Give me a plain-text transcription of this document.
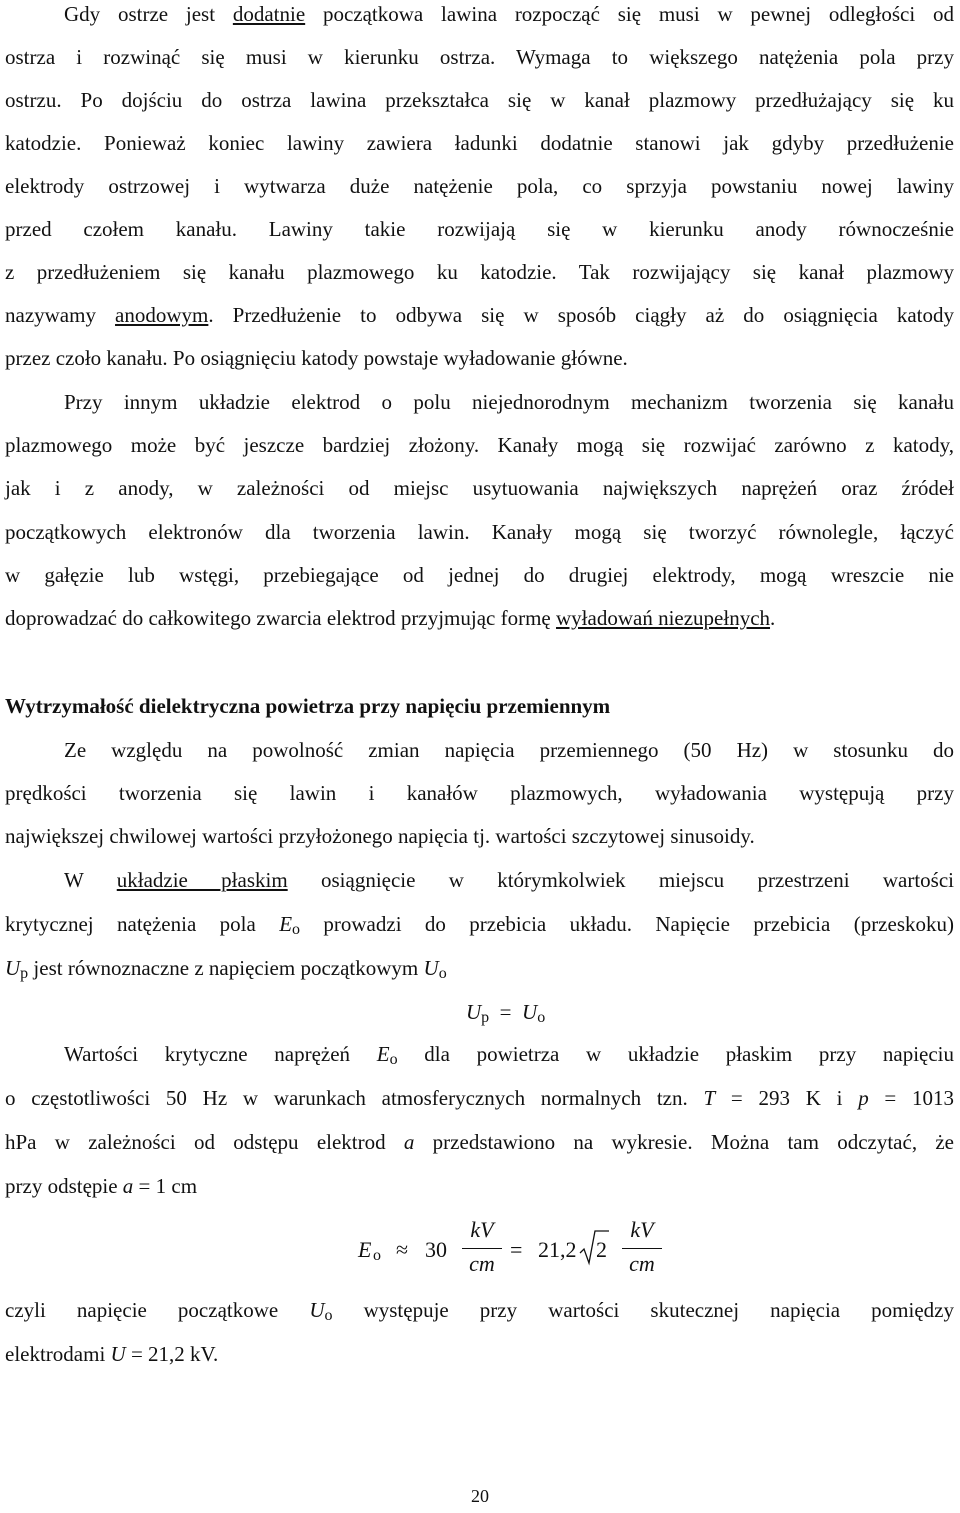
Gdy ostrze jest dodatnie początkowa lawina rozpocząć się musi w pewnej odległości od
ostrza i rozwinąć się musi w kierunku ostrza. Wymaga to większego natężenia pola przy
ostrzu. Po dojściu do ostrza lawina przekształca się w kanał plazmowy przedłużający się ku
katodzie. Ponieważ koniec lawiny zawiera ładunki dodatnie stanowi jak gdyby przedłużenie
elektrody ostrzowej i wytwarza duże natężenie pola, co sprzyja powstaniu nowej lawiny
przed czołem kanału. Lawiny takie rozwijają się w kierunku anody równocześnie
z przedłużeniem się kanału plazmowego ku katodzie. Tak rozwijający się kanał plazmowy
nazywamy anodowym. Przedłużenie to odbywa się w sposób ciągły aż do osiągnięcia katody
przez czoło kanału. Po osiągnięciu katody powstaje wyładowanie główne.
Przy innym układzie elektrod o polu niejednorodnym mechanizm tworzenia się kanału
plazmowego może być jeszcze bardziej złożony. Kanały mogą się rozwijać zarówno z katody,
jak i z anody, w zależności od miejsc usytuowania największych naprężeń oraz źródeł
początkowych elektronów dla tworzenia lawin. Kanały mogą się tworzyć równolegle, łączyć
w gałęzie lub wstęgi, przebiegające od jednej do drugiej elektrody, mogą wreszcie nie
doprowadzać do całkowitego zwarcia elektrod przyjmując formę wyładowań niezupełnych.
Wytrzymałość dielektryczna powietrza przy napięciu przemiennym
Ze względu na powolność zmian napięcia przemiennego (50 Hz) w stosunku do
prędkości tworzenia się lawin i kanałów plazmowych, wyładowania występują przy
największej chwilowej wartości przyłożonego napięcia tj. wartości szczytowej sinusoidy.
W układzie płaskim osiągnięcie w którymkolwiek miejscu przestrzeni wartości
krytycznej natężenia pola Eo prowadzi do przebicia układu. Napięcie przebicia (przeskoku)
Up jest równoznaczne z napięciem początkowym Uo
Up = Uo
Wartości krytyczne naprężeń Eo dla powietrza w układzie płaskim przy napięciu
o częstotliwości 50 Hz w warunkach atmosferycznych normalnych tzn. T = 293 K i p = 1013
hPa w zależności od odstępu elektrod a przedstawiono na wykresie. Można tam odczytać, że
przy odstępie a = 1 cm
E o ≈ 30
kV
cm
= 21,2 2
kV
cm
czyli napięcie początkowe Uo występuje przy wartości skutecznej napięcia pomiędzy
elektrodami U = 21,2 kV.
20
